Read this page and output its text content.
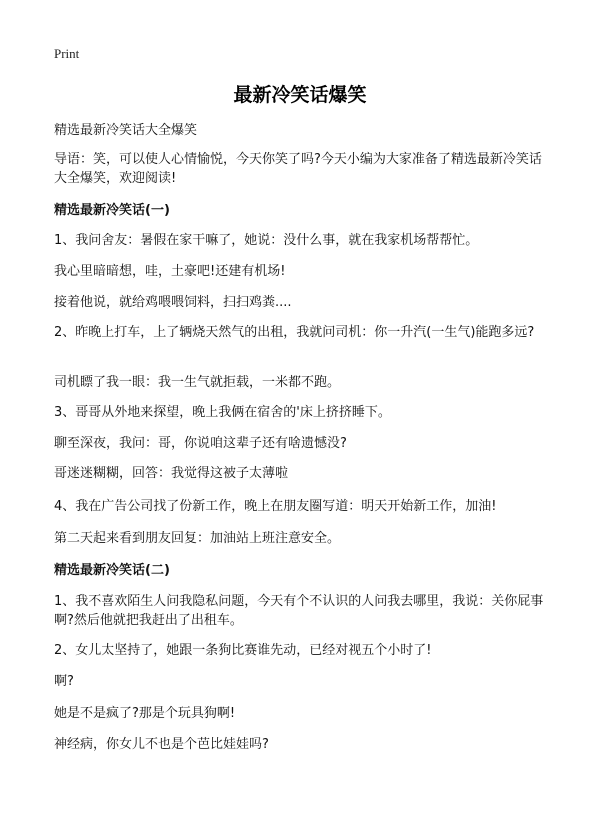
Print
最新冷笑话爆笑

精选最新冷笑话大全爆笑

导语：笑，可以使人心情愉悦，今天你笑了吗?今天小编为大家准备了精选最新冷笑话大全爆笑，欢迎阅读!

精选最新冷笑话(一)

1、我问舍友：暑假在家干嘛了，她说：没什么事，就在我家机场帮帮忙。

我心里暗暗想，哇，土豪吧!还建有机场!

接着他说，就给鸡喂喂饲料，扫扫鸡粪....

2、昨晚上打车，上了辆烧天然气的出租，我就问司机：你一升汽(一生气)能跑多远?

司机瞟了我一眼：我一生气就拒载，一米都不跑。

3、哥哥从外地来探望，晚上我俩在宿舍的'床上挤挤睡下。

聊至深夜，我问：哥，你说咱这辈子还有啥遗憾没?

哥迷迷糊糊，回答：我觉得这被子太薄啦

4、我在广告公司找了份新工作，晚上在朋友圈写道：明天开始新工作，加油!

第二天起来看到朋友回复：加油站上班注意安全。

精选最新冷笑话(二)

1、我不喜欢陌生人问我隐私问题，今天有个不认识的人问我去哪里，我说：关你屁事啊?然后他就把我赶出了出租车。

2、女儿太坚持了，她跟一条狗比赛谁先动，已经对视五个小时了!

啊?

她是不是疯了?那是个玩具狗啊!

神经病，你女儿不也是个芭比娃娃吗?
